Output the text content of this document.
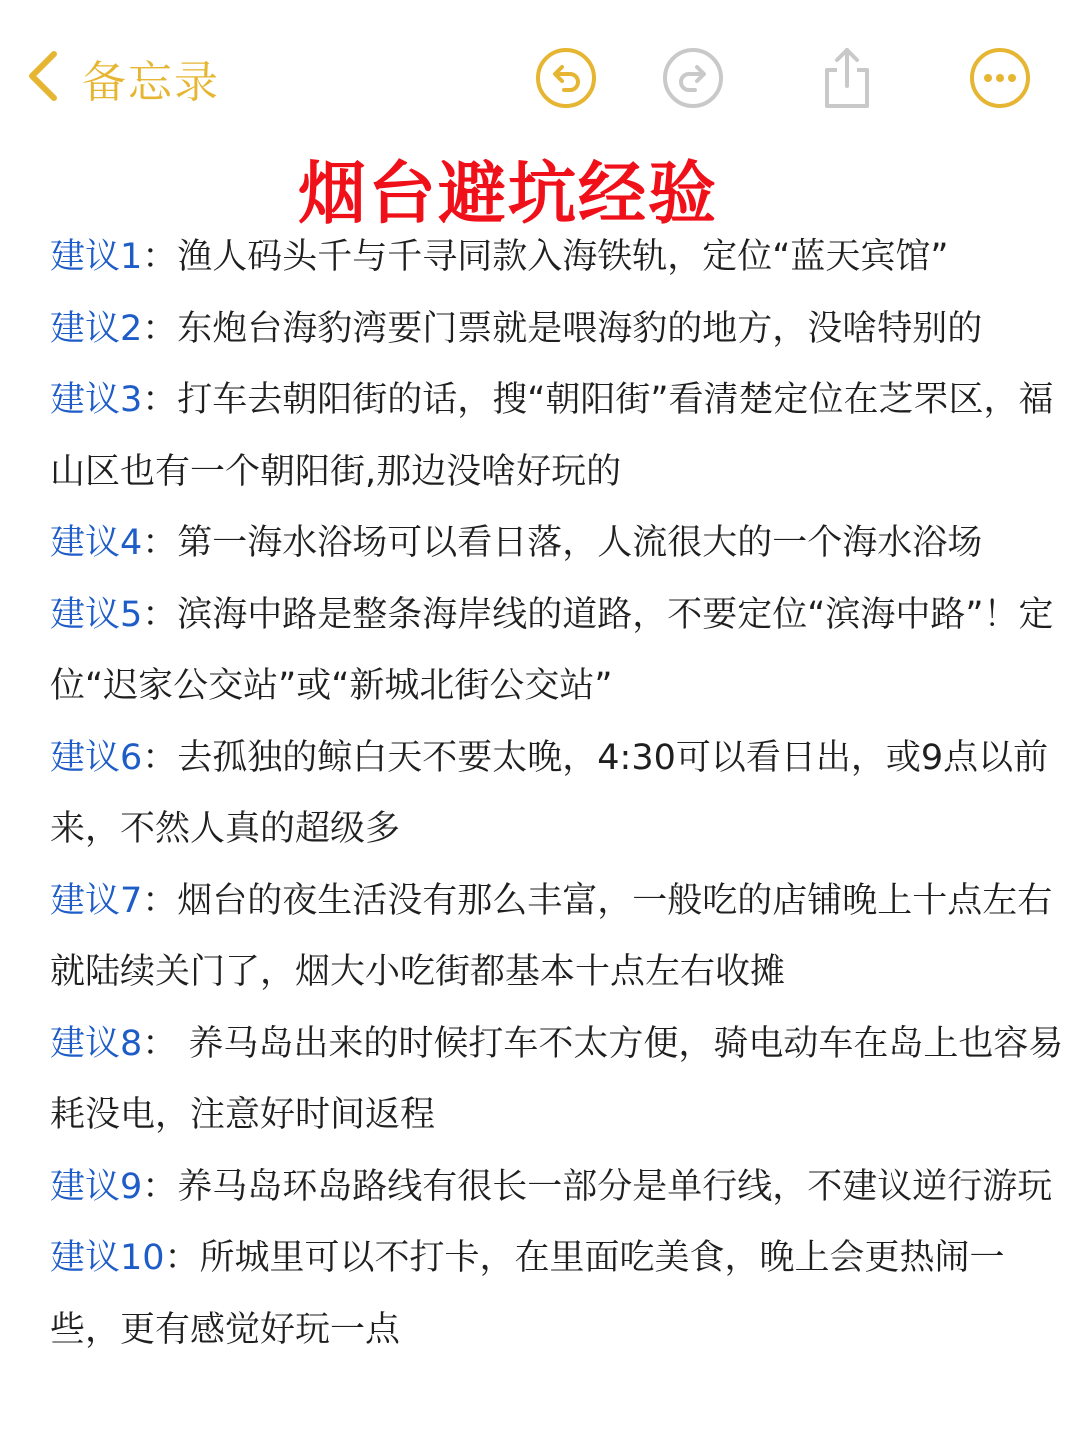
备忘录
烟台避坑经验

建议1：渔人码头千与千寻同款入海铁轨，定位“蓝天宾馆”

建议2：东炮台海豹湾要门票就是喂海豹的地方，没啥特别的

建议3：打车去朝阳街的话，搜“朝阳街”看清楚定位在芝罘区，福山区也有一个朝阳街,那边没啥好玩的

建议4：第一海水浴场可以看日落，人流很大的一个海水浴场

建议5：滨海中路是整条海岸线的道路，不要定位“滨海中路”！定位“迟家公交站”或“新城北街公交站”

建议6：去孤独的鲸白天不要太晚，4:30可以看日出，或9点以前来，不然人真的超级多

建议7：烟台的夜生活没有那么丰富，一般吃的店铺晚上十点左右就陆续关门了，烟大小吃街都基本十点左右收摊

建议8： 养马岛出来的时候打车不太方便，骑电动车在岛上也容易耗没电，注意好时间返程

建议9：养马岛环岛路线有很长一部分是单行线，不建议逆行游玩

建议10：所城里可以不打卡，在里面吃美食，晚上会更热闹一些，更有感觉好玩一点
